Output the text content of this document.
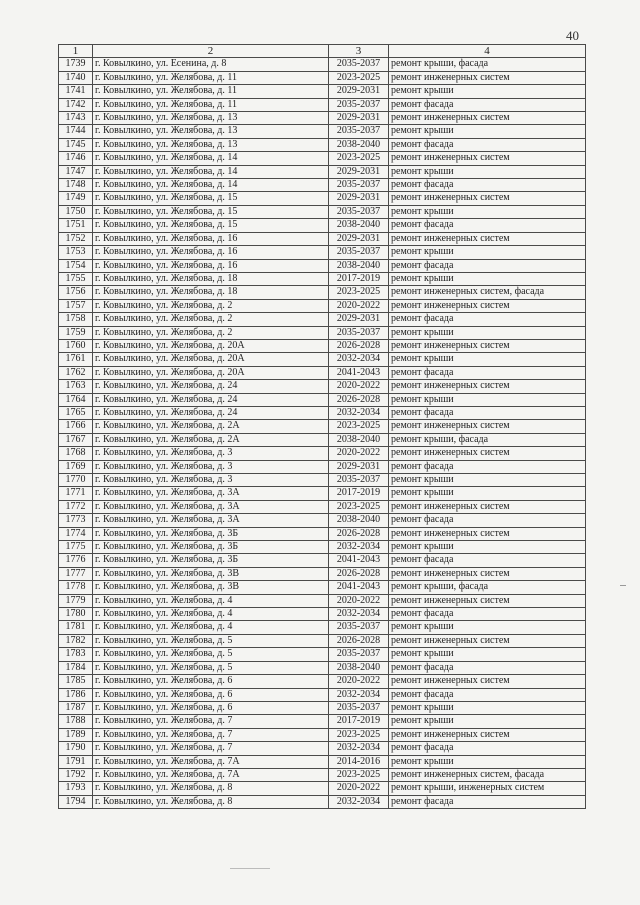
40
1	2	3	4
1739	г. Ковылкино, ул. Есенина, д. 8	2035-2037	ремонт крыши, фасада
1740	г. Ковылкино, ул. Желябова, д. 11	2023-2025	ремонт инженерных систем
1741	г. Ковылкино, ул. Желябова, д. 11	2029-2031	ремонт крыши
1742	г. Ковылкино, ул. Желябова, д. 11	2035-2037	ремонт фасада
1743	г. Ковылкино, ул. Желябова, д. 13	2029-2031	ремонт инженерных систем
1744	г. Ковылкино, ул. Желябова, д. 13	2035-2037	ремонт крыши
1745	г. Ковылкино, ул. Желябова, д. 13	2038-2040	ремонт фасада
1746	г. Ковылкино, ул. Желябова, д. 14	2023-2025	ремонт инженерных систем
1747	г. Ковылкино, ул. Желябова, д. 14	2029-2031	ремонт крыши
1748	г. Ковылкино, ул. Желябова, д. 14	2035-2037	ремонт фасада
1749	г. Ковылкино, ул. Желябова, д. 15	2029-2031	ремонт инженерных систем
1750	г. Ковылкино, ул. Желябова, д. 15	2035-2037	ремонт крыши
1751	г. Ковылкино, ул. Желябова, д. 15	2038-2040	ремонт фасада
1752	г. Ковылкино, ул. Желябова, д. 16	2029-2031	ремонт инженерных систем
1753	г. Ковылкино, ул. Желябова, д. 16	2035-2037	ремонт крыши
1754	г. Ковылкино, ул. Желябова, д. 16	2038-2040	ремонт фасада
1755	г. Ковылкино, ул. Желябова, д. 18	2017-2019	ремонт крыши
1756	г. Ковылкино, ул. Желябова, д. 18	2023-2025	ремонт инженерных систем, фасада
1757	г. Ковылкино, ул. Желябова, д. 2	2020-2022	ремонт инженерных систем
1758	г. Ковылкино, ул. Желябова, д. 2	2029-2031	ремонт фасада
1759	г. Ковылкино, ул. Желябова, д. 2	2035-2037	ремонт крыши
1760	г. Ковылкино, ул. Желябова, д. 20А	2026-2028	ремонт инженерных систем
1761	г. Ковылкино, ул. Желябова, д. 20А	2032-2034	ремонт крыши
1762	г. Ковылкино, ул. Желябова, д. 20А	2041-2043	ремонт фасада
1763	г. Ковылкино, ул. Желябова, д. 24	2020-2022	ремонт инженерных систем
1764	г. Ковылкино, ул. Желябова, д. 24	2026-2028	ремонт крыши
1765	г. Ковылкино, ул. Желябова, д. 24	2032-2034	ремонт фасада
1766	г. Ковылкино, ул. Желябова, д. 2А	2023-2025	ремонт инженерных систем
1767	г. Ковылкино, ул. Желябова, д. 2А	2038-2040	ремонт крыши, фасада
1768	г. Ковылкино, ул. Желябова, д. 3	2020-2022	ремонт инженерных систем
1769	г. Ковылкино, ул. Желябова, д. 3	2029-2031	ремонт фасада
1770	г. Ковылкино, ул. Желябова, д. 3	2035-2037	ремонт крыши
1771	г. Ковылкино, ул. Желябова, д. 3А	2017-2019	ремонт крыши
1772	г. Ковылкино, ул. Желябова, д. 3А	2023-2025	ремонт инженерных систем
1773	г. Ковылкино, ул. Желябова, д. 3А	2038-2040	ремонт фасада
1774	г. Ковылкино, ул. Желябова, д. 3Б	2026-2028	ремонт инженерных систем
1775	г. Ковылкино, ул. Желябова, д. 3Б	2032-2034	ремонт крыши
1776	г. Ковылкино, ул. Желябова, д. 3Б	2041-2043	ремонт фасада
1777	г. Ковылкино, ул. Желябова, д. 3В	2026-2028	ремонт инженерных систем
1778	г. Ковылкино, ул. Желябова, д. 3В	2041-2043	ремонт крыши, фасада
1779	г. Ковылкино, ул. Желябова, д. 4	2020-2022	ремонт инженерных систем
1780	г. Ковылкино, ул. Желябова, д. 4	2032-2034	ремонт фасада
1781	г. Ковылкино, ул. Желябова, д. 4	2035-2037	ремонт крыши
1782	г. Ковылкино, ул. Желябова, д. 5	2026-2028	ремонт инженерных систем
1783	г. Ковылкино, ул. Желябова, д. 5	2035-2037	ремонт крыши
1784	г. Ковылкино, ул. Желябова, д. 5	2038-2040	ремонт фасада
1785	г. Ковылкино, ул. Желябова, д. 6	2020-2022	ремонт инженерных систем
1786	г. Ковылкино, ул. Желябова, д. 6	2032-2034	ремонт фасада
1787	г. Ковылкино, ул. Желябова, д. 6	2035-2037	ремонт крыши
1788	г. Ковылкино, ул. Желябова, д. 7	2017-2019	ремонт крыши
1789	г. Ковылкино, ул. Желябова, д. 7	2023-2025	ремонт инженерных систем
1790	г. Ковылкино, ул. Желябова, д. 7	2032-2034	ремонт фасада
1791	г. Ковылкино, ул. Желябова, д. 7А	2014-2016	ремонт крыши
1792	г. Ковылкино, ул. Желябова, д. 7А	2023-2025	ремонт инженерных систем, фасада
1793	г. Ковылкино, ул. Желябова, д. 8	2020-2022	ремонт крыши, инженерных систем
1794	г. Ковылкино, ул. Желябова, д. 8	2032-2034	ремонт фасада
